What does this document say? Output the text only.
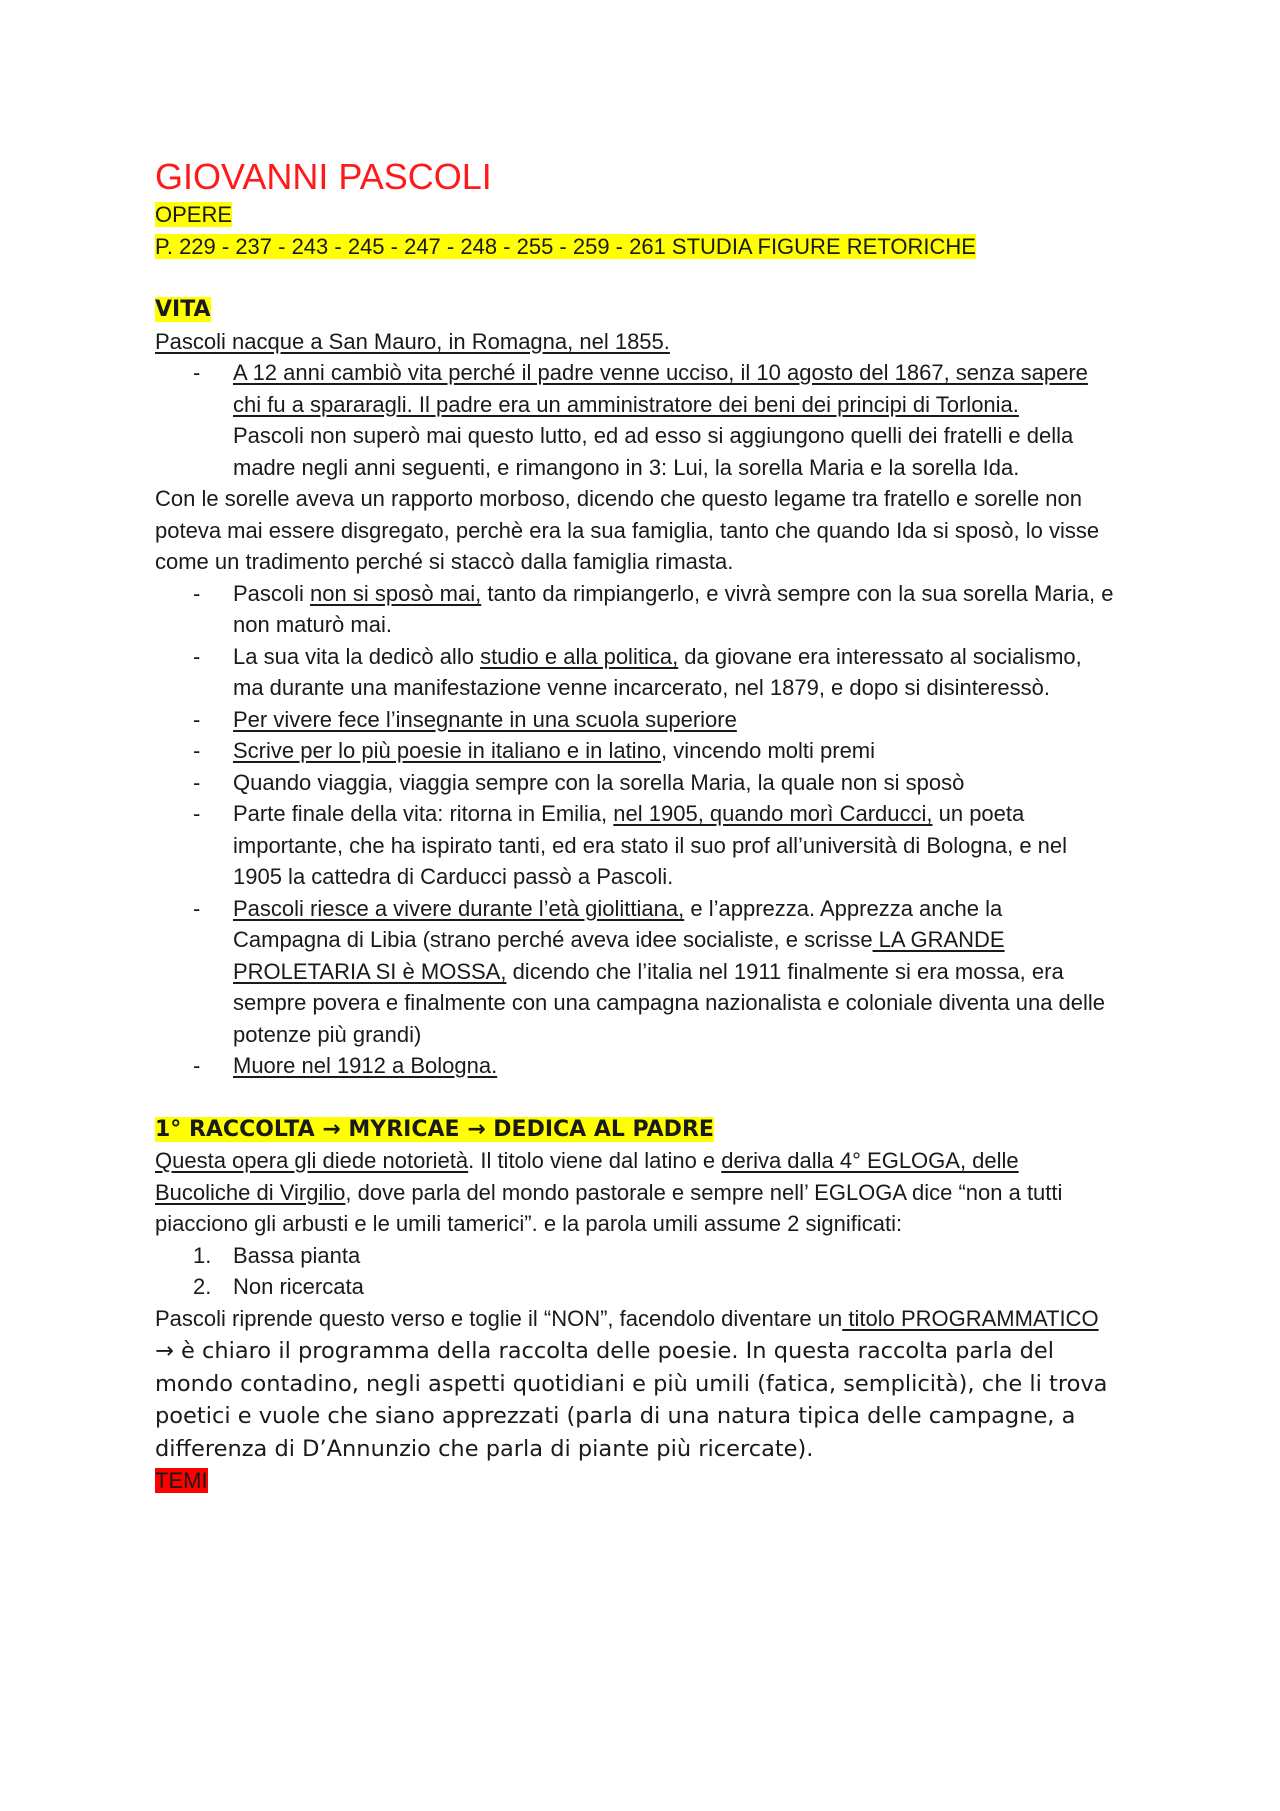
GIOVANNI PASCOLI

OPERE

P. 229 - 237 - 243 - 245 - 247 - 248 - 255 - 259 - 261 STUDIA FIGURE RETORICHE

VITA

Pascoli nacque a San Mauro, in Romagna, nel 1855.

- A 12 anni cambiò vita perché il padre venne ucciso, il 10 agosto del 1867, senza sapere chi fu a spararagli. Il padre era un amministratore dei beni dei principi di Torlonia.
Pascoli non superò mai questo lutto, ed ad esso si aggiungono quelli dei fratelli e della madre negli anni seguenti, e rimangono in 3: Lui, la sorella Maria e la sorella Ida.

Con le sorelle aveva un rapporto morboso, dicendo che questo legame tra fratello e sorelle non poteva mai essere disgregato, perchè era la sua famiglia, tanto che quando Ida si sposò, lo visse come un tradimento perché si staccò dalla famiglia rimasta.

- Pascoli non si sposò mai, tanto da rimpiangerlo, e vivrà sempre con la sua sorella Maria, e non maturò mai.
- La sua vita la dedicò allo studio e alla politica, da giovane era interessato al socialismo, ma durante una manifestazione venne incarcerato, nel 1879, e dopo si disinteressò.
- Per vivere fece l’insegnante in una scuola superiore
- Scrive per lo più poesie in italiano e in latino, vincendo molti premi
- Quando viaggia, viaggia sempre con la sorella Maria, la quale non si sposò
- Parte finale della vita: ritorna in Emilia, nel 1905, quando morì Carducci, un poeta importante, che ha ispirato tanti, ed era stato il suo prof all’università di Bologna, e nel 1905 la cattedra di Carducci passò a Pascoli.
- Pascoli riesce a vivere durante l’età giolittiana, e l’apprezza. Apprezza anche la Campagna di Libia (strano perché aveva idee socialiste, e scrisse LA GRANDE PROLETARIA SI è MOSSA, dicendo che l’italia nel 1911 finalmente si era mossa, era sempre povera e finalmente con una campagna nazionalista e coloniale diventa una delle potenze più grandi)
- Muore nel 1912 a Bologna.

1° RACCOLTA → MYRICAE → DEDICA AL PADRE

Questa opera gli diede notorietà. Il titolo viene dal latino e deriva dalla 4° EGLOGA, delle Bucoliche di Virgilio, dove parla del mondo pastorale e sempre nell’ EGLOGA dice “non a tutti piacciono gli arbusti e le umili tamerici”. e la parola umili assume 2 significati:

1. Bassa pianta
2. Non ricercata

Pascoli riprende questo verso e toglie il “NON”, facendolo diventare un titolo PROGRAMMATICO → è chiaro il programma della raccolta delle poesie. In questa raccolta parla del mondo contadino, negli aspetti quotidiani e più umili (fatica, semplicità), che li trova poetici e vuole che siano apprezzati (parla di una natura tipica delle campagne, a differenza di D’Annunzio che parla di piante più ricercate).

TEMI
